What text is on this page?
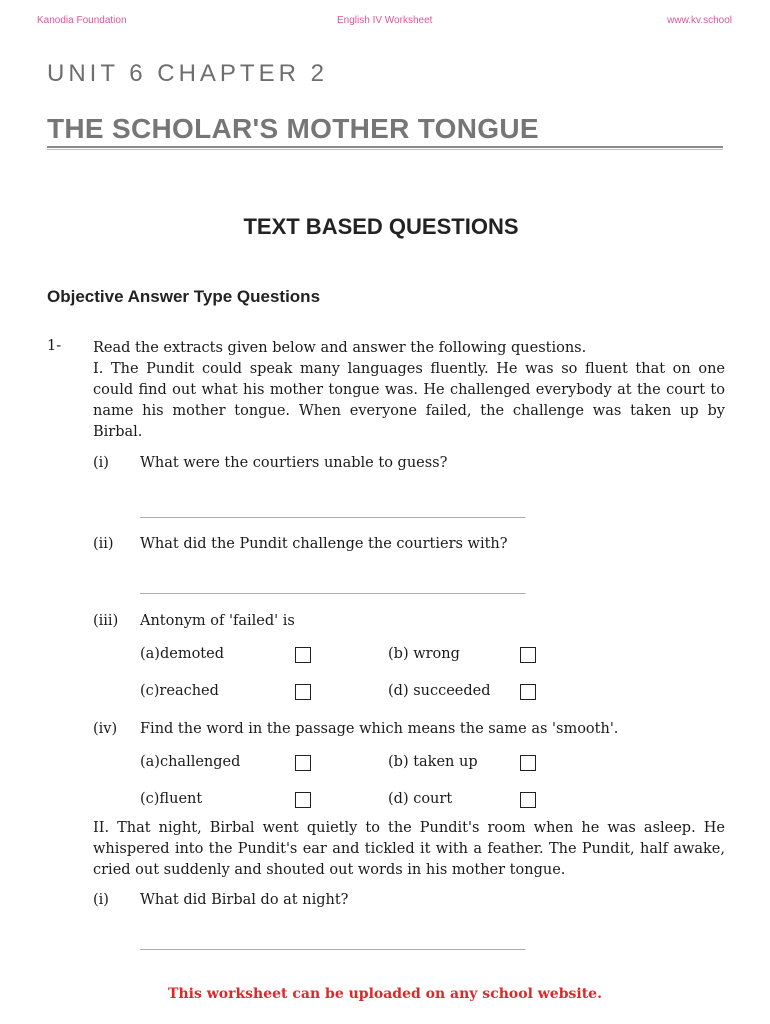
Kanodia Foundation	English IV Worksheet	www.kv.school
UNIT 6 CHAPTER 2
THE SCHOLAR'S MOTHER TONGUE
TEXT BASED QUESTIONS
Objective Answer Type Questions
1- Read the extracts given below and answer the following questions.
I. The Pundit could speak many languages fluently. He was so fluent that on one could find out what his mother tongue was. He challenged everybody at the court to name his mother tongue. When everyone failed, the challenge was taken up by Birbal.
(i) What were the courtiers unable to guess?
________________________________________________________
(ii) What did the Pundit challenge the courtiers with?
________________________________________________________
(iii) Antonym of 'failed' is
(a)demoted	(b) wrong
(c)reached	(d) succeeded
(iv) Find the word in the passage which means the same as 'smooth'.
(a)challenged	(b) taken up
(c)fluent	(d) court
II. That night, Birbal went quietly to the Pundit's room when he was asleep. He whispered into the Pundit's ear and tickled it with a feather. The Pundit, half awake, cried out suddenly and shouted out words in his mother tongue.
(i) What did Birbal do at night?
________________________________________________________
This worksheet can be uploaded on any school website.
